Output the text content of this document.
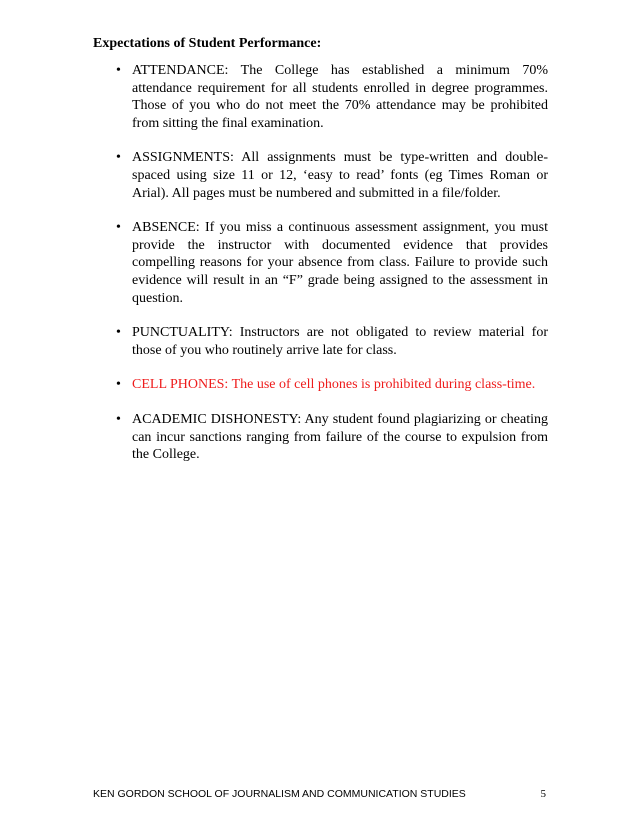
Expectations of Student Performance:

• ATTENDANCE: The College has established a minimum 70% attendance requirement for all students enrolled in degree programmes. Those of you who do not meet the 70% attendance may be prohibited from sitting the final examination.
• ASSIGNMENTS: All assignments must be type-written and double-spaced using size 11 or 12, ‘easy to read’ fonts (eg Times Roman or Arial). All pages must be numbered and submitted in a file/folder.
• ABSENCE: If you miss a continuous assessment assignment, you must provide the instructor with documented evidence that provides compelling reasons for your absence from class. Failure to provide such evidence will result in an “F” grade being assigned to the assessment in question.
• PUNCTUALITY: Instructors are not obligated to review material for those of you who routinely arrive late for class.
• CELL PHONES: The use of cell phones is prohibited during class-time.
• ACADEMIC DISHONESTY: Any student found plagiarizing or cheating can incur sanctions ranging from failure of the course to expulsion from the College.
KEN GORDON SCHOOL OF JOURNALISM AND COMMUNICATION STUDIES	5
